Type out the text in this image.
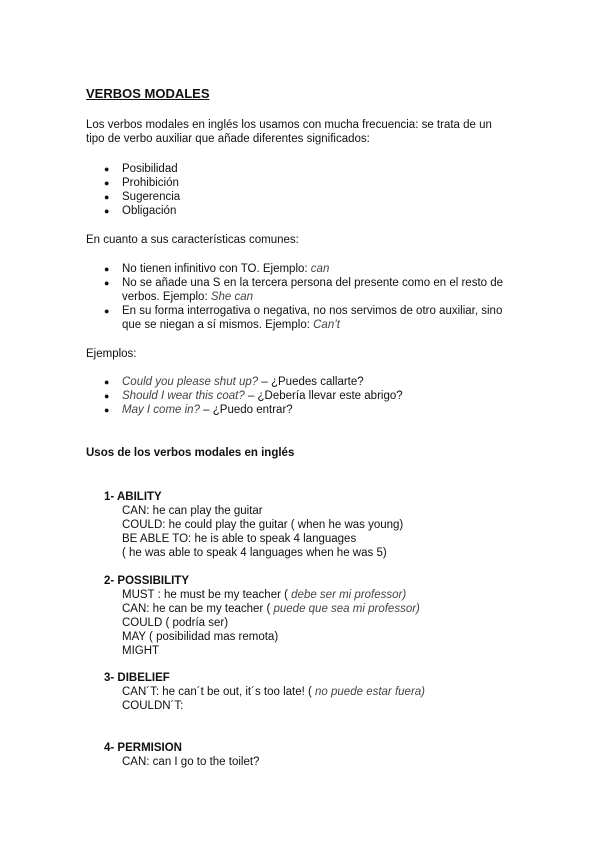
VERBOS MODALES
Los verbos modales en inglés los usamos con mucha frecuencia: se trata de un
tipo de verbo auxiliar que añade diferentes significados:
● Posibilidad
● Prohibición
● Sugerencia
● Obligación
En cuanto a sus características comunes:
● No tienen infinitivo con TO. Ejemplo: can
● No se añade una S en la tercera persona del presente como en el resto de verbos. Ejemplo: She can
● En su forma interrogativa o negativa, no nos servimos de otro auxiliar, sino que se niegan a sí mismos. Ejemplo: Can’t
Ejemplos:
● Could you please shut up? – ¿Puedes callarte?
● Should I wear this coat? – ¿Debería llevar este abrigo?
● May I come in? – ¿Puedo entrar?
Usos de los verbos modales en inglés
1- ABILITY
CAN: he can play the guitar
COULD: he could play the guitar ( when he was young)
BE ABLE TO: he is able to speak 4 languages
( he was able to speak 4 languages when he was 5)
2- POSSIBILITY
MUST : he must be my teacher ( debe ser mi professor)
CAN: he can be my teacher ( puede que sea mi professor)
COULD ( podría ser)
MAY ( posibilidad mas remota)
MIGHT
3- DIBELIEF
CAN´T: he can´t be out, it´s too late! ( no puede estar fuera)
COULDN´T:
4- PERMISION
CAN: can I go to the toilet?
